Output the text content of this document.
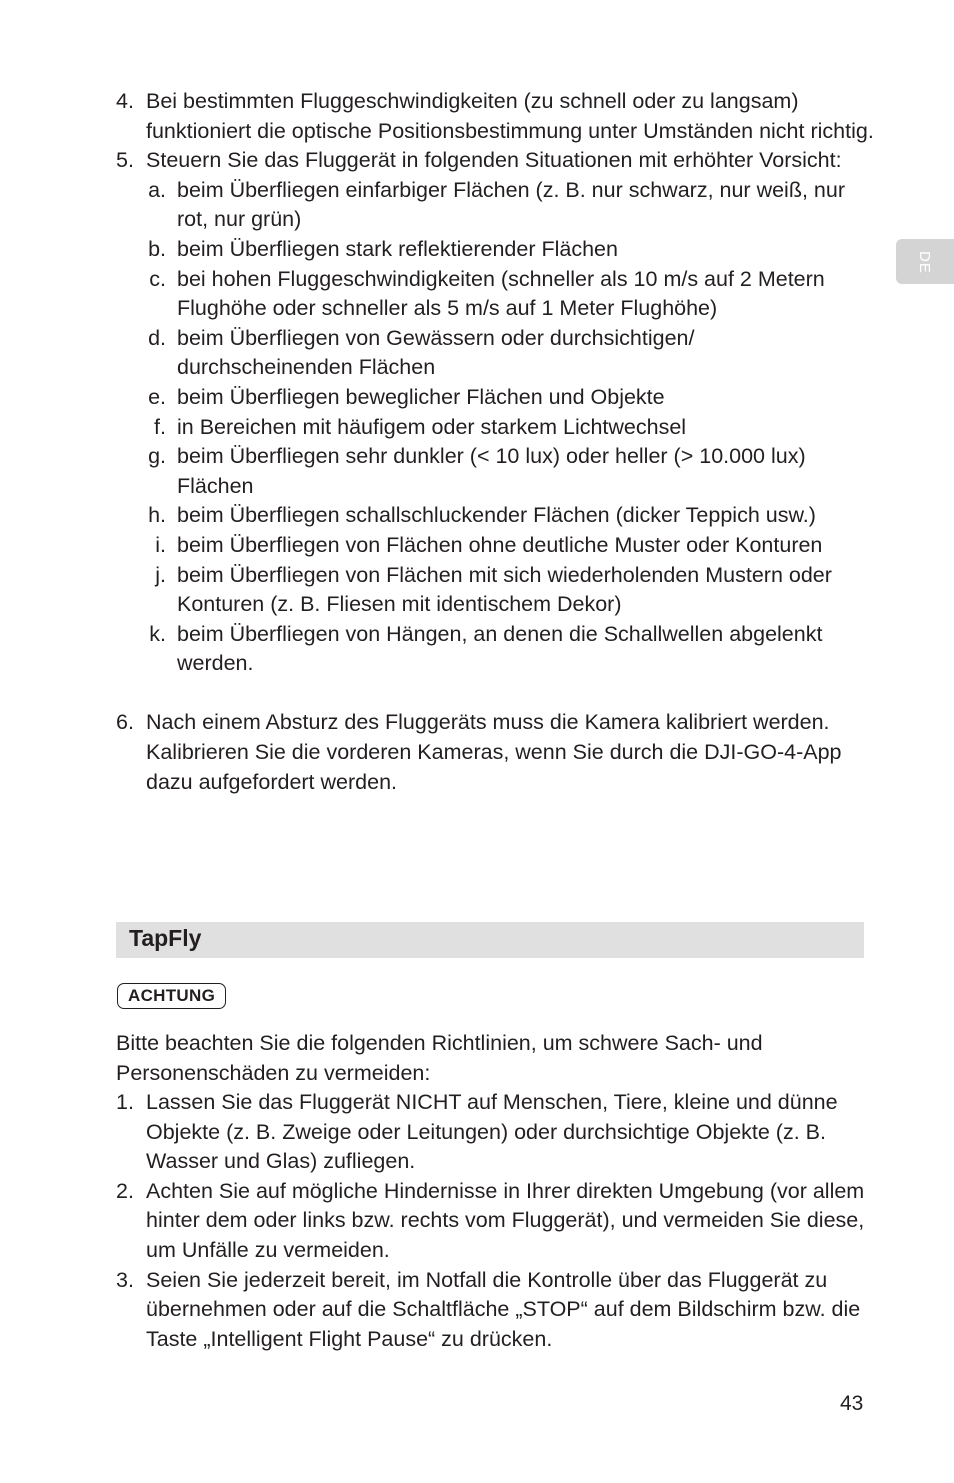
DE
4. Bei bestimmten Fluggeschwindigkeiten (zu schnell oder zu langsam) funktioniert die optische Positionsbestimmung unter Umständen nicht richtig.
5. Steuern Sie das Fluggerät in folgenden Situationen mit erhöhter Vorsicht:
a. beim Überfliegen einfarbiger Flächen (z. B. nur schwarz, nur weiß, nur rot, nur grün)
b. beim Überfliegen stark reflektierender Flächen
c. bei hohen Fluggeschwindigkeiten (schneller als 10 m/s auf 2 Metern Flughöhe oder schneller als 5 m/s auf 1 Meter Flughöhe)
d. beim Überfliegen von Gewässern oder durchsichtigen/ durchscheinenden Flächen
e. beim Überfliegen beweglicher Flächen und Objekte
f. in Bereichen mit häufigem oder starkem Lichtwechsel
g. beim Überfliegen sehr dunkler (< 10 lux) oder heller (> 10.000 lux) Flächen
h. beim Überfliegen schallschluckender Flächen (dicker Teppich usw.)
i. beim Überfliegen von Flächen ohne deutliche Muster oder Konturen
j. beim Überfliegen von Flächen mit sich wiederholenden Mustern oder Konturen (z. B. Fliesen mit identischem Dekor)
k. beim Überfliegen von Hängen, an denen die Schallwellen abgelenkt werden.
6. Nach einem Absturz des Fluggeräts muss die Kamera kalibriert werden. Kalibrieren Sie die vorderen Kameras, wenn Sie durch die DJI-GO-4-App dazu aufgefordert werden.
TapFly
ACHTUNG
Bitte beachten Sie die folgenden Richtlinien, um schwere Sach- und Personenschäden zu vermeiden:
1. Lassen Sie das Fluggerät NICHT auf Menschen, Tiere, kleine und dünne Objekte (z. B. Zweige oder Leitungen) oder durchsichtige Objekte (z. B. Wasser und Glas) zufliegen.
2. Achten Sie auf mögliche Hindernisse in Ihrer direkten Umgebung (vor allem hinter dem oder links bzw. rechts vom Fluggerät), und vermeiden Sie diese, um Unfälle zu vermeiden.
3. Seien Sie jederzeit bereit, im Notfall die Kontrolle über das Fluggerät zu übernehmen oder auf die Schaltfläche „STOP“ auf dem Bildschirm bzw. die Taste „Intelligent Flight Pause“ zu drücken.
43
